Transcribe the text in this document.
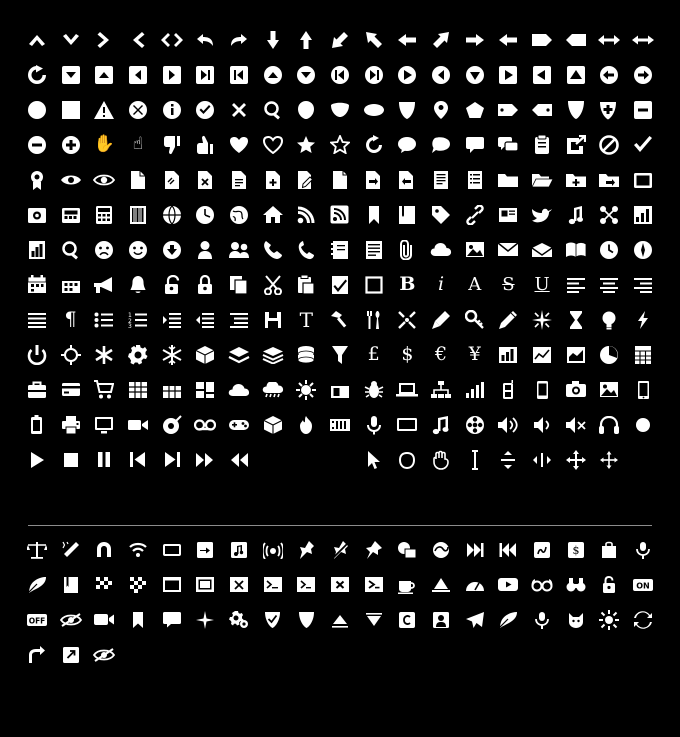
✋ ☝
B i A S U
¶	1
2
3	T
£ $ € ¥
$
ON
OFF
